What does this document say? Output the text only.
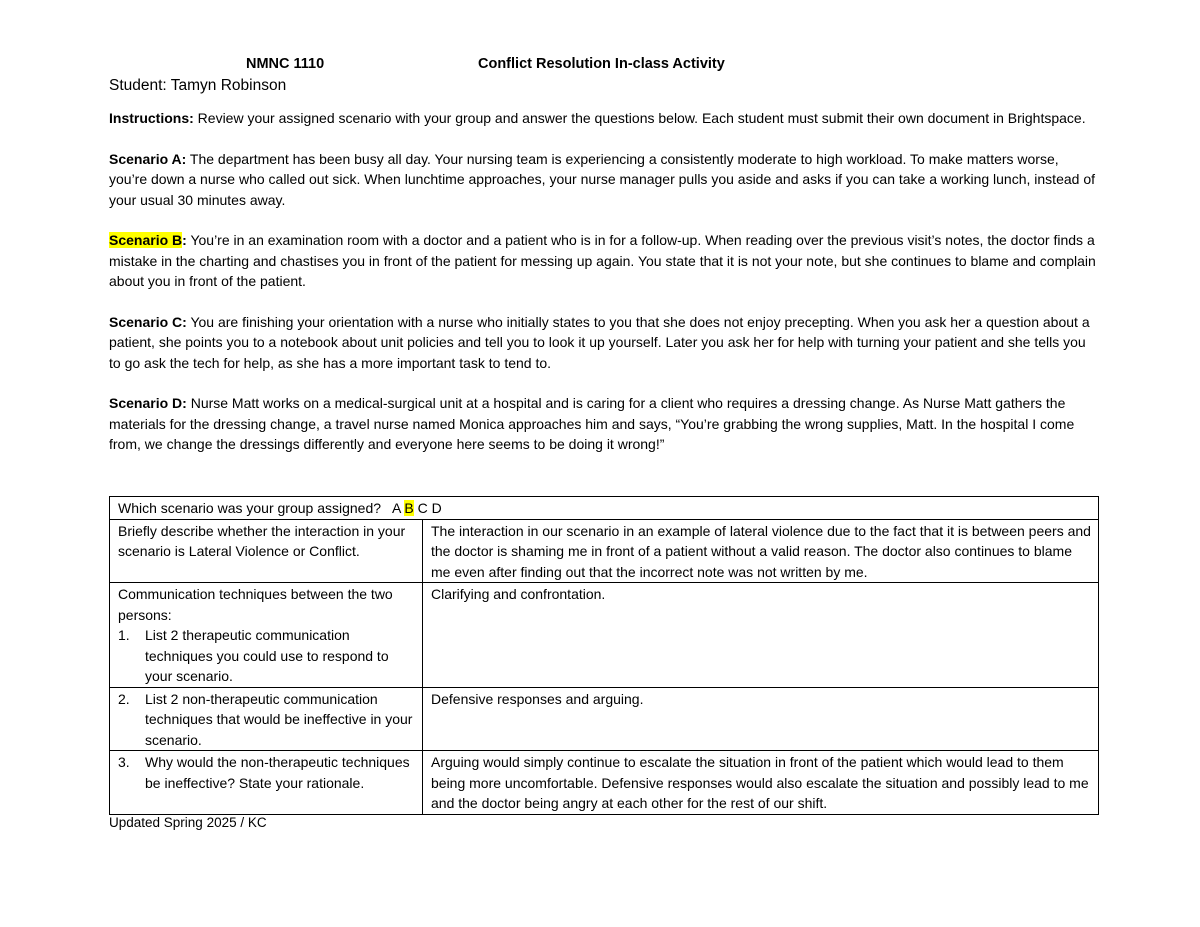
NMNC 1110	Conflict Resolution In-class Activity
Student: Tamyn Robinson

Instructions: Review your assigned scenario with your group and answer the questions below. Each student must submit their own document in Brightspace.

Scenario A: The department has been busy all day. Your nursing team is experiencing a consistently moderate to high workload. To make matters worse, you’re down a nurse who called out sick. When lunchtime approaches, your nurse manager pulls you aside and asks if you can take a working lunch, instead of your usual 30 minutes away.

Scenario B: You’re in an examination room with a doctor and a patient who is in for a follow-up. When reading over the previous visit’s notes, the doctor finds a mistake in the charting and chastises you in front of the patient for messing up again. You state that it is not your note, but she continues to blame and complain about you in front of the patient.

Scenario C: You are finishing your orientation with a nurse who initially states to you that she does not enjoy precepting. When you ask her a question about a patient, she points you to a notebook about unit policies and tell you to look it up yourself. Later you ask her for help with turning your patient and she tells you to go ask the tech for help, as she has a more important task to tend to.

Scenario D: Nurse Matt works on a medical-surgical unit at a hospital and is caring for a client who requires a dressing change. As Nurse Matt gathers the materials for the dressing change, a travel nurse named Monica approaches him and says, “You’re grabbing the wrong supplies, Matt. In the hospital I come from, we change the dressings differently and everyone here seems to be doing it wrong!”

Which scenario was your group assigned? A B C D	
Briefly describe whether the interaction in your scenario is Lateral Violence or Conflict.	The interaction in our scenario in an example of lateral violence due to the fact that it is between peers and the doctor is shaming me in front of a patient without a valid reason. The doctor also continues to blame me even after finding out that the incorrect note was not written by me.

Communication techniques between the two persons:
1. List 2 therapeutic communication techniques you could use to respond to your scenario.	Clarifying and confrontation.

2. List 2 non-therapeutic communication techniques that would be ineffective in your scenario.	Defensive responses and arguing.

3. Why would the non-therapeutic techniques be ineffective? State your rationale.	Arguing would simply continue to escalate the situation in front of the patient which would lead to them being more uncomfortable. Defensive responses would also escalate the situation and possibly lead to me and the doctor being angry at each other for the rest of our shift.
Updated Spring 2025 / KC
